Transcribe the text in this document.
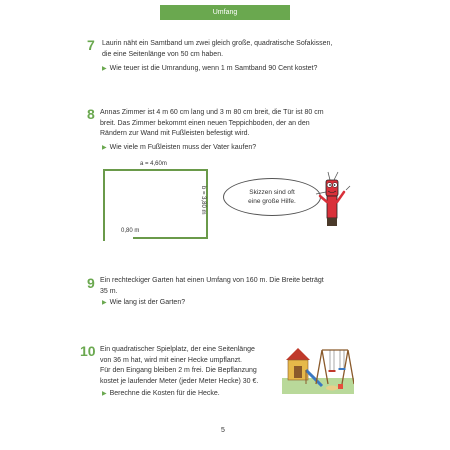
Umfang
7 Laurin näht ein Samtband um zwei gleich große, quadratische Sofakissen,
die eine Seitenlänge von 50 cm haben.
▶ Wie teuer ist die Umrandung, wenn 1 m Samtband 90 Cent kostet?
8 Annas Zimmer ist 4 m 60 cm lang und 3 m 80 cm breit, die Tür ist 80 cm
breit. Das Zimmer bekommt einen neuen Teppichboden, der an den
Rändern zur Wand mit Fußleisten befestigt wird.
▶ Wie viele m Fußleisten muss der Vater kaufen?
a = 4,60m
b = 3,80 m
0,80 m
Skizzen sind oft
eine große Hilfe.
9 Ein rechteckiger Garten hat einen Umfang von 160 m. Die Breite beträgt
35 m.
▶ Wie lang ist der Garten?
10 Ein quadratischer Spielplatz, der eine Seitenlänge
von 36 m hat, wird mit einer Hecke umpflanzt.
Für den Eingang bleiben 2 m frei. Die Bepflanzung
kostet je laufender Meter (jeder Meter Hecke) 30 €.
▶ Berechne die Kosten für die Hecke.
5
